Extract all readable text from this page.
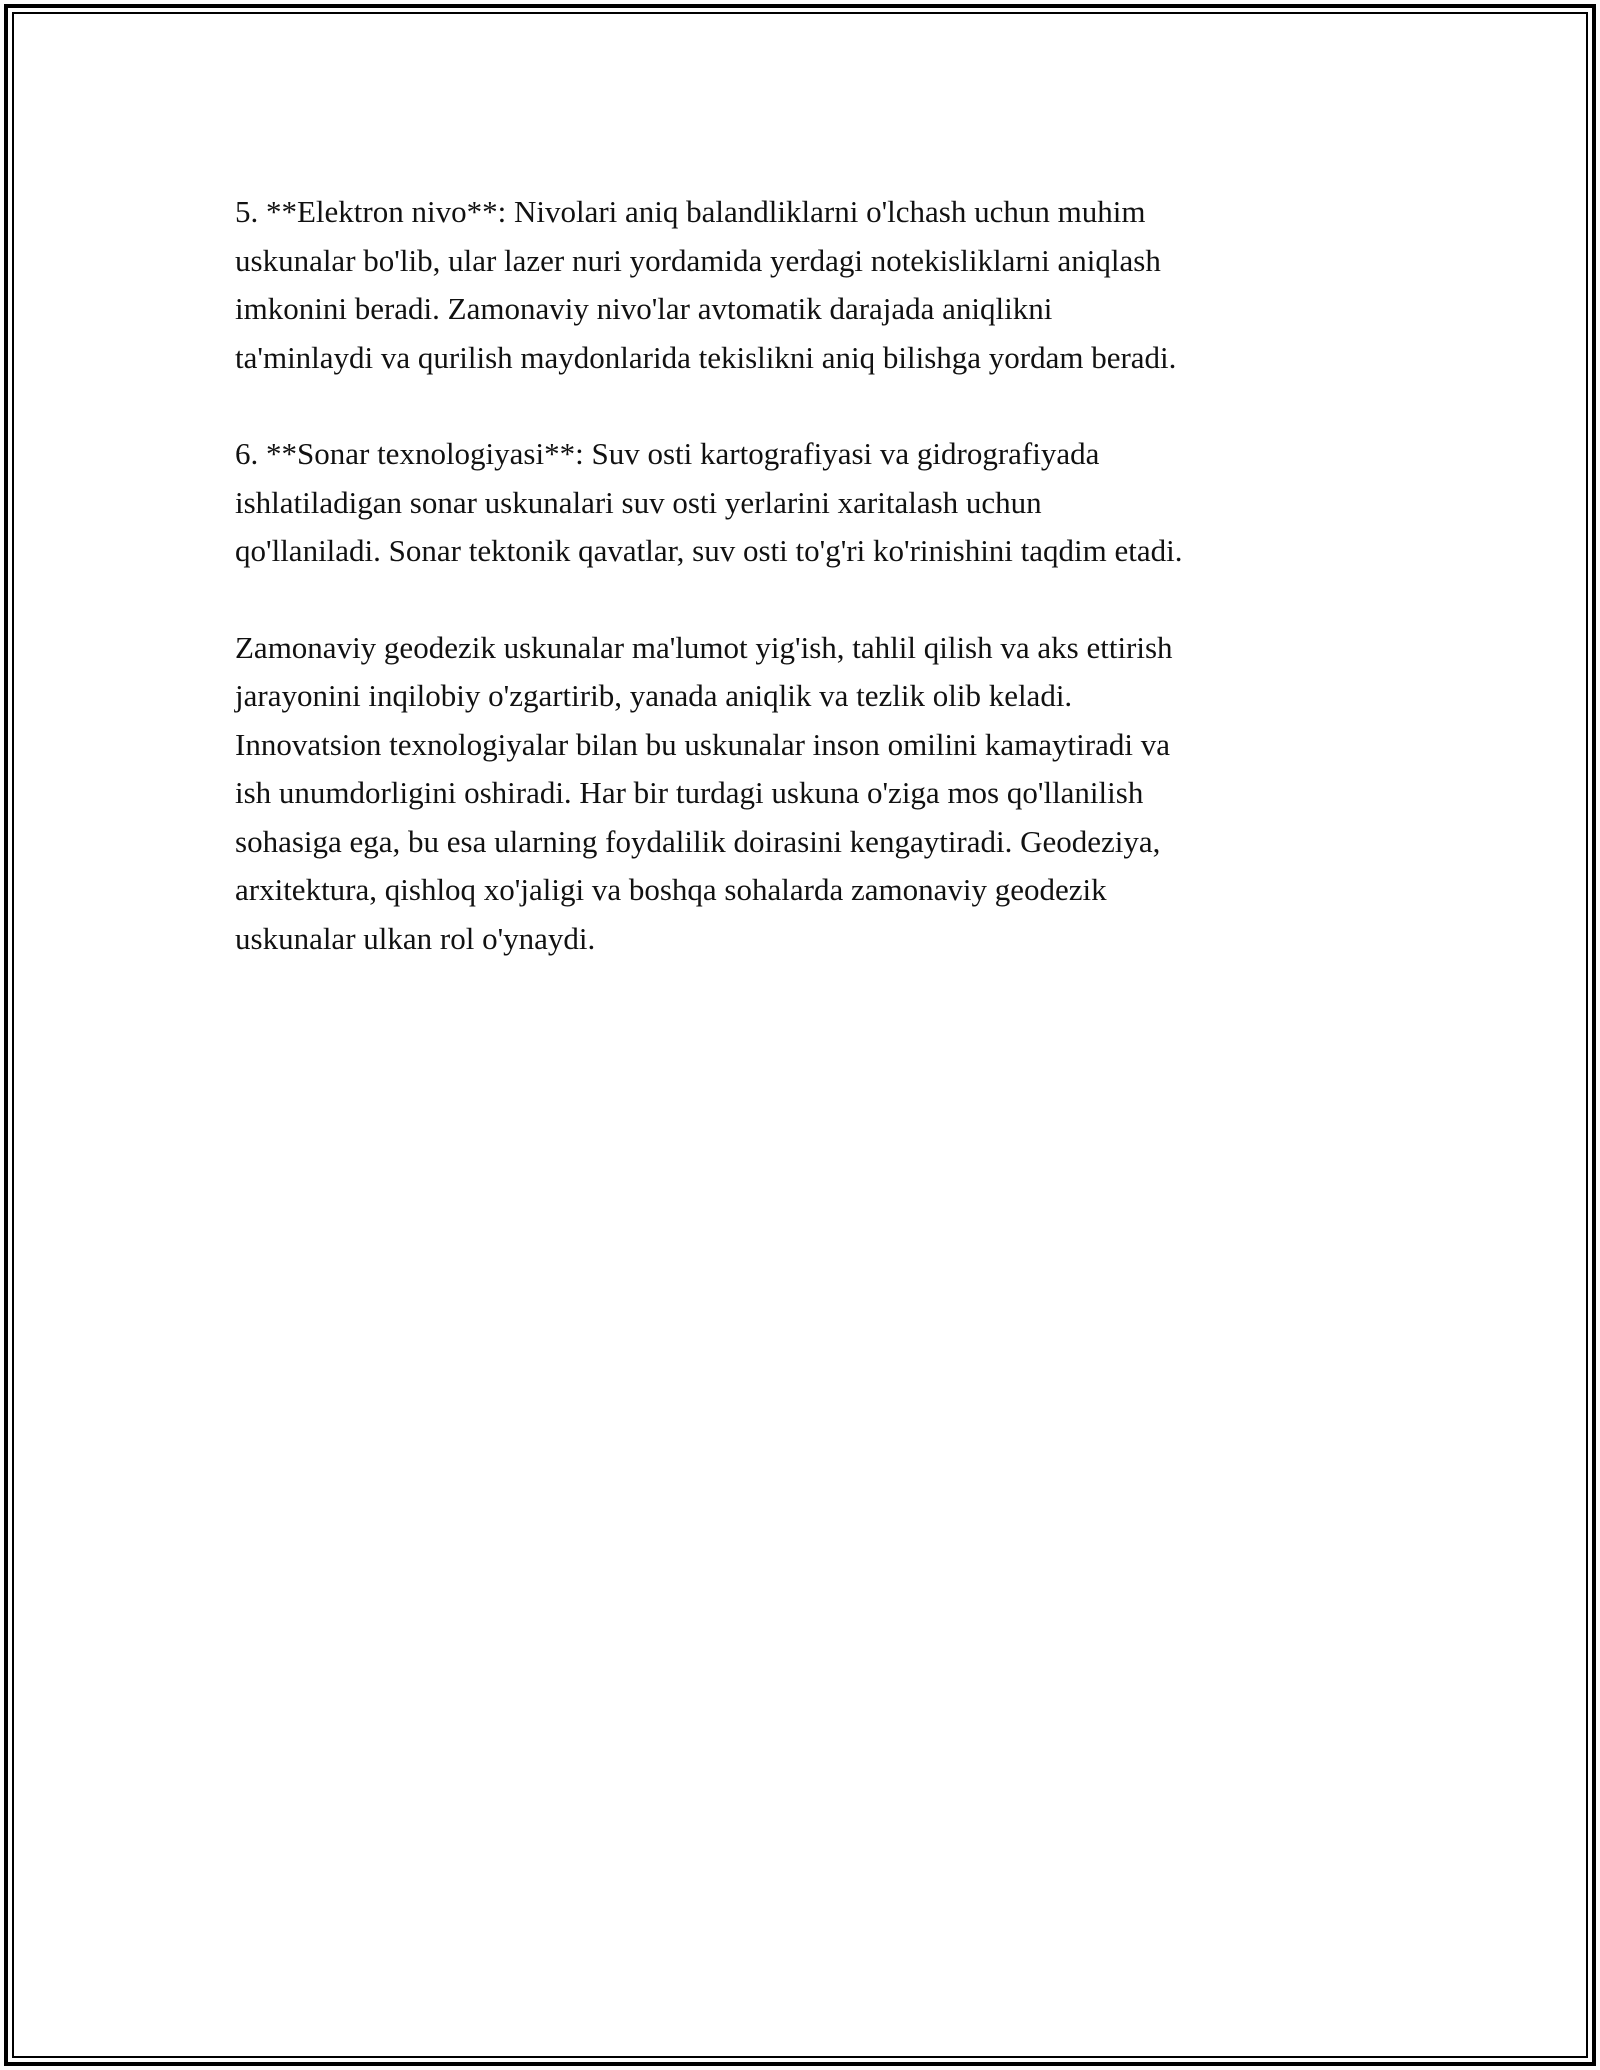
5. **Elektron nivo**: Nivolari aniq balandliklarni o'lchash uchun muhim
uskunalar bo'lib, ular lazer nuri yordamida yerdagi notekisliklarni aniqlash
imkonini beradi. Zamonaviy nivo'lar avtomatik darajada aniqlikni
ta'minlaydi va qurilish maydonlarida tekislikni aniq bilishga yordam beradi.

6. **Sonar texnologiyasi**: Suv osti kartografiyasi va gidrografiyada
ishlatiladigan sonar uskunalari suv osti yerlarini xaritalash uchun
qo'llaniladi. Sonar tektonik qavatlar, suv osti to'g'ri ko'rinishini taqdim etadi.

Zamonaviy geodezik uskunalar ma'lumot yig'ish, tahlil qilish va aks ettirish
jarayonini inqilobiy o'zgartirib, yanada aniqlik va tezlik olib keladi.
Innovatsion texnologiyalar bilan bu uskunalar inson omilini kamaytiradi va
ish unumdorligini oshiradi. Har bir turdagi uskuna o'ziga mos qo'llanilish
sohasiga ega, bu esa ularning foydalilik doirasini kengaytiradi. Geodeziya,
arxitektura, qishloq xo'jaligi va boshqa sohalarda zamonaviy geodezik
uskunalar ulkan rol o'ynaydi.
